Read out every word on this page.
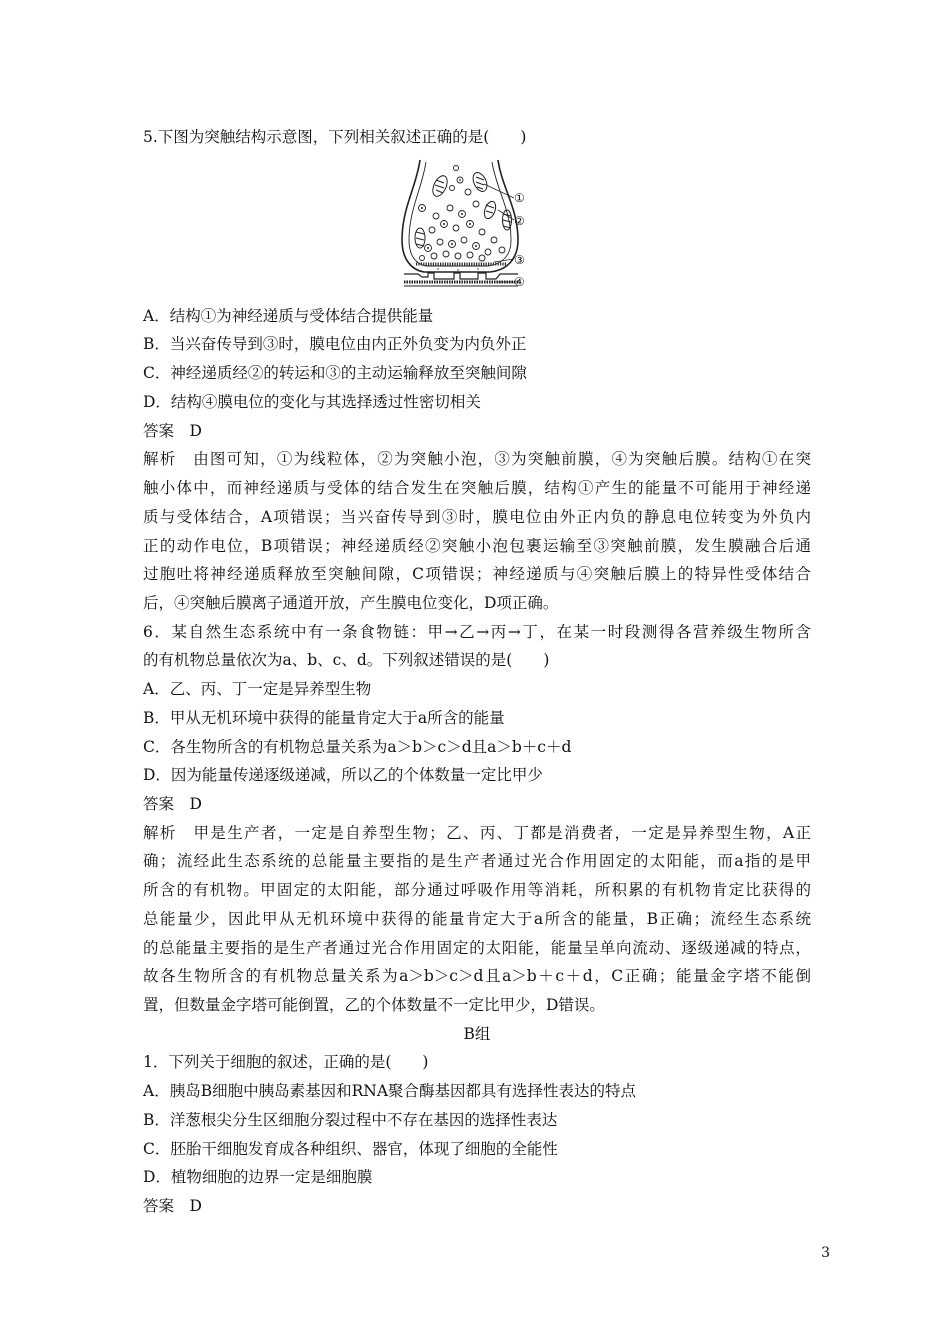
5.下图为突触结构示意图，下列相关叙述正确的是(　　)
①
②
③
④
A．结构①为神经递质与受体结合提供能量
B．当兴奋传导到③时，膜电位由内正外负变为内负外正
C．神经递质经②的转运和③的主动运输释放至突触间隙
D．结构④膜电位的变化与其选择透过性密切相关
答案　D
解析　由图可知，①为线粒体，②为突触小泡，③为突触前膜，④为突触后膜。结构①在突
触小体中，而神经递质与受体的结合发生在突触后膜，结构①产生的能量不可能用于神经递
质与受体结合，A项错误；当兴奋传导到③时，膜电位由外正内负的静息电位转变为外负内
正的动作电位，B项错误；神经递质经②突触小泡包裹运输至③突触前膜，发生膜融合后通
过胞吐将神经递质释放至突触间隙，C项错误；神经递质与④突触后膜上的特异性受体结合
后，④突触后膜离子通道开放，产生膜电位变化，D项正确。
6．某自然生态系统中有一条食物链：甲→乙→丙→丁，在某一时段测得各营养级生物所含
的有机物总量依次为a、b、c、d。下列叙述错误的是(　　)
A．乙、丙、丁一定是异养型生物
B．甲从无机环境中获得的能量肯定大于a所含的能量
C．各生物所含的有机物总量关系为a＞b＞c＞d且a＞b＋c＋d
D．因为能量传递逐级递减，所以乙的个体数量一定比甲少
答案　D
解析　甲是生产者，一定是自养型生物；乙、丙、丁都是消费者，一定是异养型生物，A正
确；流经此生态系统的总能量主要指的是生产者通过光合作用固定的太阳能，而a指的是甲
所含的有机物。甲固定的太阳能，部分通过呼吸作用等消耗，所积累的有机物肯定比获得的
总能量少，因此甲从无机环境中获得的能量肯定大于a所含的能量，B正确；流经生态系统
的总能量主要指的是生产者通过光合作用固定的太阳能，能量呈单向流动、逐级递减的特点，
故各生物所含的有机物总量关系为a＞b＞c＞d且a＞b＋c＋d，C正确；能量金字塔不能倒
置，但数量金字塔可能倒置，乙的个体数量不一定比甲少，D错误。
B组
1．下列关于细胞的叙述，正确的是(　　)
A．胰岛B细胞中胰岛素基因和RNA聚合酶基因都具有选择性表达的特点
B．洋葱根尖分生区细胞分裂过程中不存在基因的选择性表达
C．胚胎干细胞发育成各种组织、器官，体现了细胞的全能性
D．植物细胞的边界一定是细胞膜
答案　D
3
